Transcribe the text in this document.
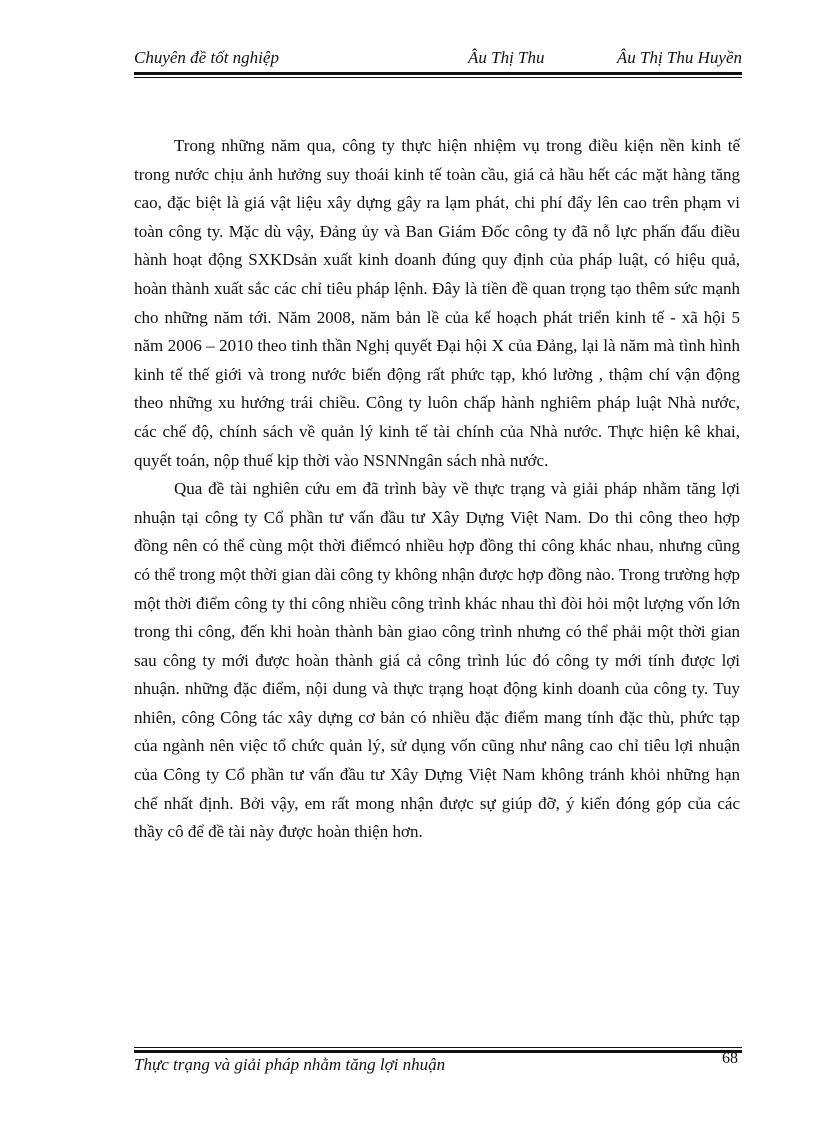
Chuyên đề tốt nghiệp	Âu Thị Thu	Âu Thị Thu Huyền

Trong những năm qua, công ty thực hiện nhiệm vụ trong điều kiện nền kinh tế trong nước chịu ảnh hưởng suy thoái kinh tế toàn cầu, giá cả hầu hết các mặt hàng tăng cao, đặc biệt là giá vật liệu xây dựng gây ra lạm phát, chi phí đẩy lên cao trên phạm vi toàn công ty. Mặc dù vậy, Đảng ủy và Ban Giám Đốc công ty đã nỗ lực phấn đấu điều hành hoạt động SXKDsản xuất kinh doanh đúng quy định của pháp luật, có hiệu quả, hoàn thành xuất sắc các chỉ tiêu pháp lệnh. Đây là tiền đề quan trọng tạo thêm sức mạnh cho những năm tới. Năm 2008, năm bản lề của kế hoạch phát triển kinh tế - xã hội 5 năm 2006 – 2010 theo tinh thần Nghị quyết Đại hội X của Đảng, lại là năm mà tình hình kinh tế thế giới và trong nước biến động rất phức tạp, khó lường , thậm chí vận động theo những xu hướng trái chiều. Công ty luôn chấp hành nghiêm pháp luật Nhà nước, các chế độ, chính sách về quản lý kinh tế tài chính của Nhà nước. Thực hiện kê khai, quyết toán, nộp thuế kịp thời vào NSNNngân sách nhà nước.

Qua đề tài nghiên cứu em đã trình bày về thực trạng và giải pháp nhằm tăng lợi nhuận tại công ty Cổ phần tư vấn đầu tư Xây Dựng Việt Nam. Do thi công theo hợp đồng nên có thể cùng một thời điểmcó nhiều hợp đồng thi công khác nhau, nhưng cũng có thể trong một thời gian dài công ty không nhận được hợp đồng nào. Trong trường hợp một thời điểm công ty thi công nhiều công trình khác nhau thì đòi hỏi một lượng vốn lớn trong thi công, đến khi hoàn thành bàn giao công trình nhưng có thể phải một thời gian sau công ty mới được hoàn thành giá cả công trình lúc đó công ty mới tính được lợi nhuận. những đặc điểm, nội dung và thực trạng hoạt động kinh doanh của công ty. Tuy nhiên, công Công tác xây dựng cơ bản có nhiều đặc điểm mang tính đặc thù, phức tạp của ngành nên việc tổ chức quản lý, sử dụng vốn cũng như nâng cao chỉ tiêu lợi nhuận của Công ty Cổ phần tư vấn đầu tư Xây Dựng Việt Nam không tránh khỏi những hạn chế nhất định. Bởi vậy, em rất mong nhận được sự giúp đỡ, ý kiến đóng góp của các thầy cô để đề tài này được hoàn thiện hơn.

Thực trạng và giải pháp nhằm tăng lợi nhuận	68
